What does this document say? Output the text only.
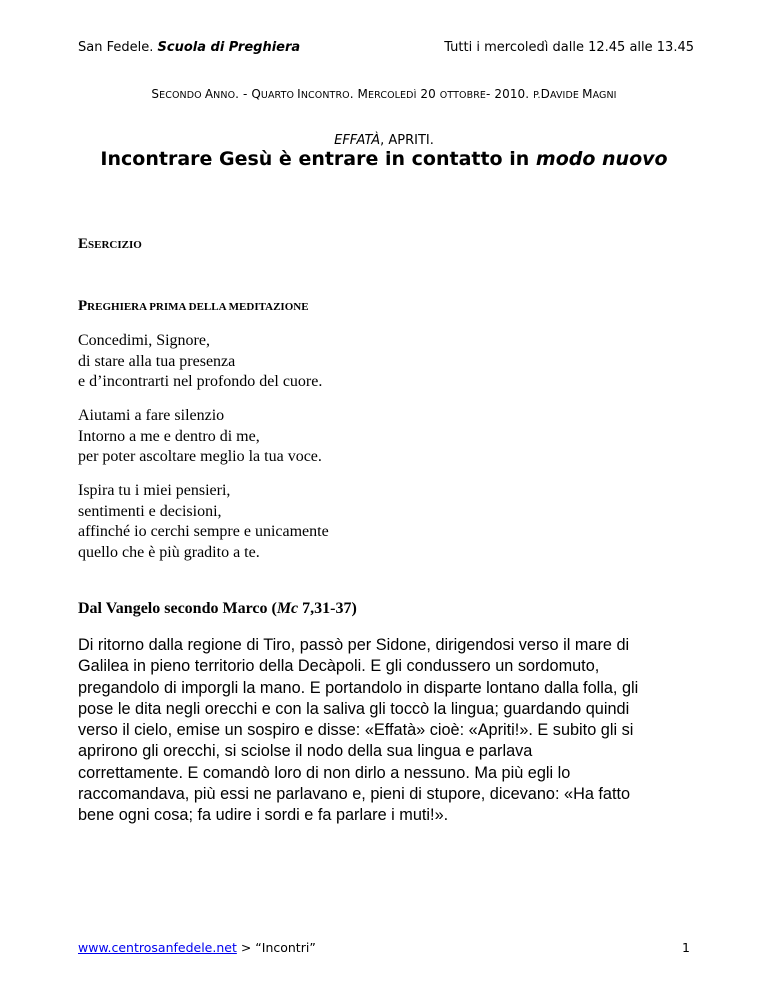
San Fedele. Scuola di Preghiera	Tutti i mercoledì dalle 12.45 alle 13.45
SECONDO ANNO. - QUARTO INCONTRO. MERCOLEDÌ 20 OTTOBRE- 2010. P.DAVIDE MAGNI
EFFATÀ, APRITI.
Incontrare Gesù è entrare in contatto in modo nuovo
ESERCIZIO
PREGHIERA PRIMA DELLA MEDITAZIONE
Concedimi, Signore,
di stare alla tua presenza
e d’incontrarti nel profondo del cuore.
Aiutami a fare silenzio
Intorno a me e dentro di me,
per poter ascoltare meglio la tua voce.
Ispira tu i miei pensieri,
sentimenti e decisioni,
affinché io cerchi sempre e unicamente
quello che è più gradito a te.
Dal Vangelo secondo Marco (Mc 7,31-37)
Di ritorno dalla regione di Tiro, passò per Sidone, dirigendosi verso il mare di
Galilea in pieno territorio della Decàpoli. E gli condussero un sordomuto,
pregandolo di imporgli la mano. E portandolo in disparte lontano dalla folla, gli
pose le dita negli orecchi e con la saliva gli toccò la lingua; guardando quindi
verso il cielo, emise un sospiro e disse: «Effatà» cioè: «Apriti!». E subito gli si
aprirono gli orecchi, si sciolse il nodo della sua lingua e parlava
correttamente. E comandò loro di non dirlo a nessuno. Ma più egli lo
raccomandava, più essi ne parlavano e, pieni di stupore, dicevano: «Ha fatto
bene ogni cosa; fa udire i sordi e fa parlare i muti!».
www.centrosanfedele.net > “Incontri”	1
